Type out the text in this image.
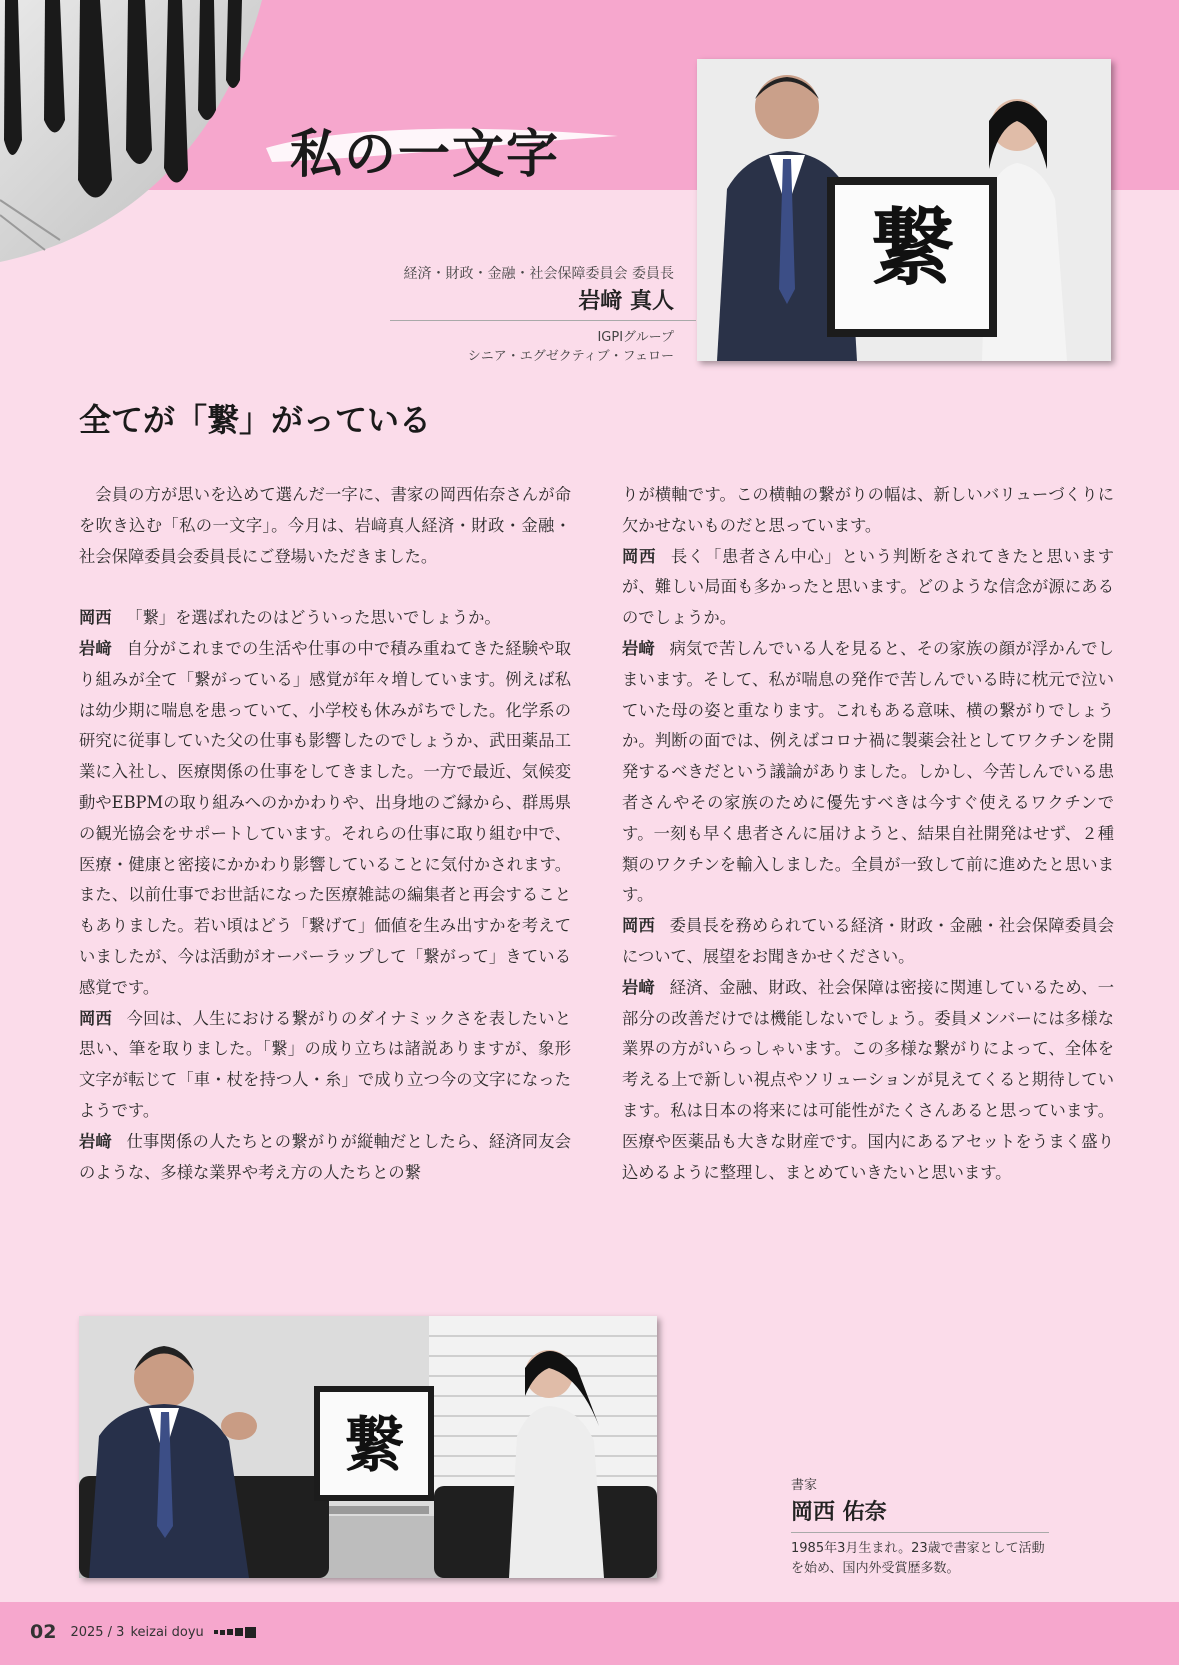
私の一文字
繋
経済・財政・金融・社会保障委員会 委員長
岩﨑 真人
IGPIグループ
シニア・エグゼクティブ・フェロー
全てが「繋」がっている

会員の方が思いを込めて選んだ一字に、書家の岡西佑奈さんが命を吹き込む「私の一文字」。今月は、岩﨑真人経済・財政・金融・社会保障委員会委員長にご登場いただきました。

岡西 「繋」を選ばれたのはどういった思いでしょうか。

岩﨑 自分がこれまでの生活や仕事の中で積み重ねてきた経験や取り組みが全て「繋がっている」感覚が年々増しています。例えば私は幼少期に喘息を患っていて、小学校も休みがちでした。化学系の研究に従事していた父の仕事も影響したのでしょうか、武田薬品工業に入社し、医療関係の仕事をしてきました。一方で最近、気候変動やEBPMの取り組みへのかかわりや、出身地のご縁から、群馬県の観光協会をサポートしています。それらの仕事に取り組む中で、医療・健康と密接にかかわり影響していることに気付かされます。また、以前仕事でお世話になった医療雑誌の編集者と再会することもありました。若い頃はどう「繋げて」価値を生み出すかを考えていましたが、今は活動がオーバーラップして「繋がって」きている感覚です。

岡西 今回は、人生における繋がりのダイナミックさを表したいと思い、筆を取りました。「繋」の成り立ちは諸説ありますが、象形文字が転じて「車・杖を持つ人・糸」で成り立つ今の文字になったようです。

岩﨑 仕事関係の人たちとの繋がりが縦軸だとしたら、経済同友会のような、多様な業界や考え方の人たちとの繋

りが横軸です。この横軸の繋がりの幅は、新しいバリューづくりに欠かせないものだと思っています。

岡西 長く「患者さん中心」という判断をされてきたと思いますが、難しい局面も多かったと思います。どのような信念が源にあるのでしょうか。

岩﨑 病気で苦しんでいる人を見ると、その家族の顔が浮かんでしまいます。そして、私が喘息の発作で苦しんでいる時に枕元で泣いていた母の姿と重なります。これもある意味、横の繋がりでしょうか。判断の面では、例えばコロナ禍に製薬会社としてワクチンを開発するべきだという議論がありました。しかし、今苦しんでいる患者さんやその家族のために優先すべきは今すぐ使えるワクチンです。一刻も早く患者さんに届けようと、結果自社開発はせず、２種類のワクチンを輸入しました。全員が一致して前に進めたと思います。

岡西 委員長を務められている経済・財政・金融・社会保障委員会について、展望をお聞きかせください。

岩﨑 経済、金融、財政、社会保障は密接に関連しているため、一部分の改善だけでは機能しないでしょう。委員メンバーには多様な業界の方がいらっしゃいます。この多様な繋がりによって、全体を考える上で新しい視点やソリューションが見えてくると期待しています。私は日本の将来には可能性がたくさんあると思っています。医療や医薬品も大きな財産です。国内にあるアセットをうまく盛り込めるように整理し、まとめていきたいと思います。

繋
書家
岡西 佑奈
1985年3月生まれ。23歳で書家として活動を始め、国内外受賞歴多数。
02 2025 / 3 keizai doyu
